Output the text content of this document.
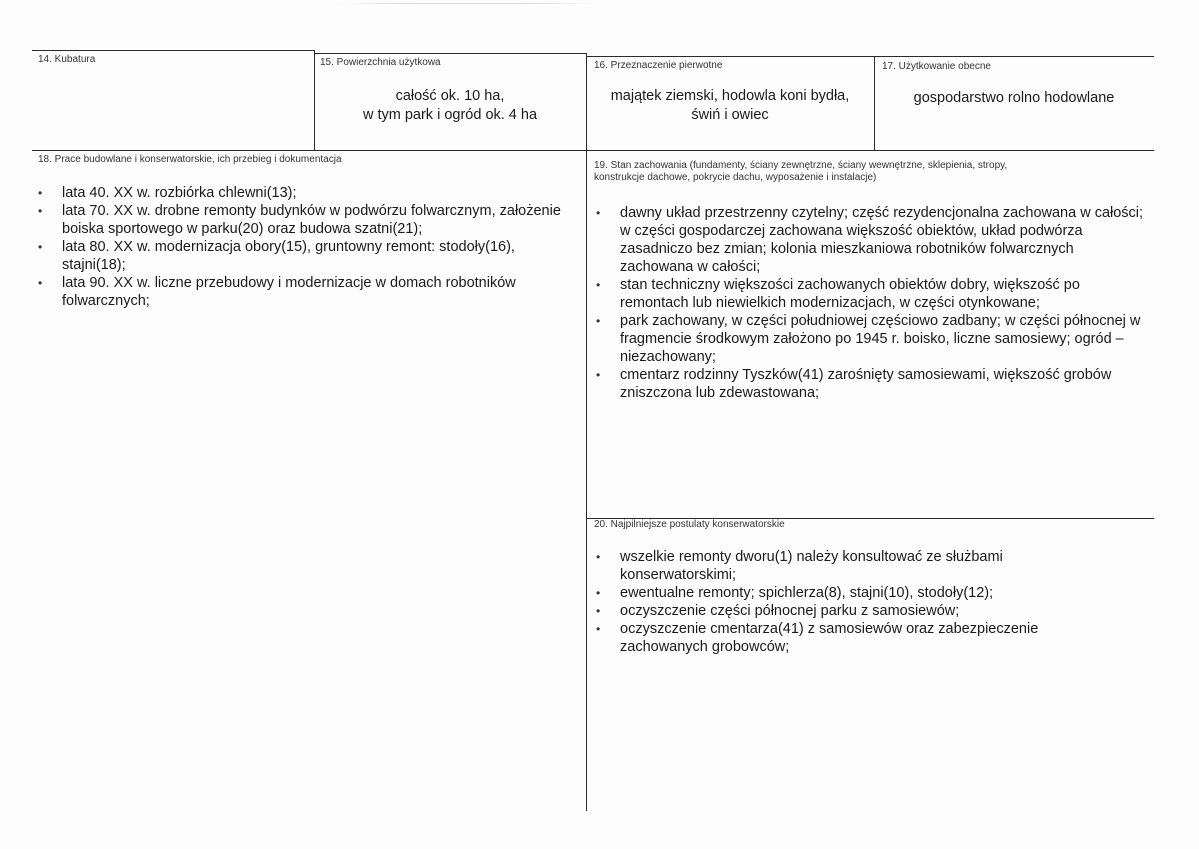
14. Kubatura	15. Powierzchnia użytkowa
całość ok. 10 ha,
w tym park i ogród ok. 4 ha
16. Przeznaczenie pierwotne
majątek ziemski, hodowla koni bydła,
świń i owiec
17. Użytkowanie obecne
gospodarstwo rolno hodowlane
18. Prace budowlane i konserwatorskie, ich przebieg i dokumentacja
• lata 40. XX w. rozbiórka chlewni(13);
• lata 70. XX w. drobne remonty budynków w podwórzu folwarcznym, założenie boiska sportowego w parku(20) oraz budowa szatni(21);
• lata 80. XX w. modernizacja obory(15), gruntowny remont: stodoły(16), stajni(18);
• lata 90. XX w. liczne przebudowy i modernizacje w domach robotników folwarcznych;
19. Stan zachowania (fundamenty, ściany zewnętrzne, ściany wewnętrzne, sklepienia, stropy,
konstrukcje dachowe, pokrycie dachu, wyposażenie i instalacje)
• dawny układ przestrzenny czytelny; część rezydencjonalna zachowana w całości; w części gospodarczej zachowana większość obiektów, układ podwórza zasadniczo bez zmian; kolonia mieszkaniowa robotników folwarcznych zachowana w całości;
• stan techniczny większości zachowanych obiektów dobry, większość po remontach lub niewielkich modernizacjach, w części otynkowane;
• park zachowany, w części południowej częściowo zadbany; w części północnej w fragmencie środkowym założono po 1945 r. boisko, liczne samosiewy; ogród – niezachowany;
• cmentarz rodzinny Tyszków(41) zarośnięty samosiewami, większość grobów zniszczona lub zdewastowana;
20. Najpilniejsze postulaty konserwatorskie
• wszelkie remonty dworu(1) należy konsultować ze służbami konserwatorskimi;
• ewentualne remonty; spichlerza(8), stajni(10), stodoły(12);
• oczyszczenie części północnej parku z samosiewów;
• oczyszczenie cmentarza(41) z samosiewów oraz zabezpieczenie zachowanych grobowców;
